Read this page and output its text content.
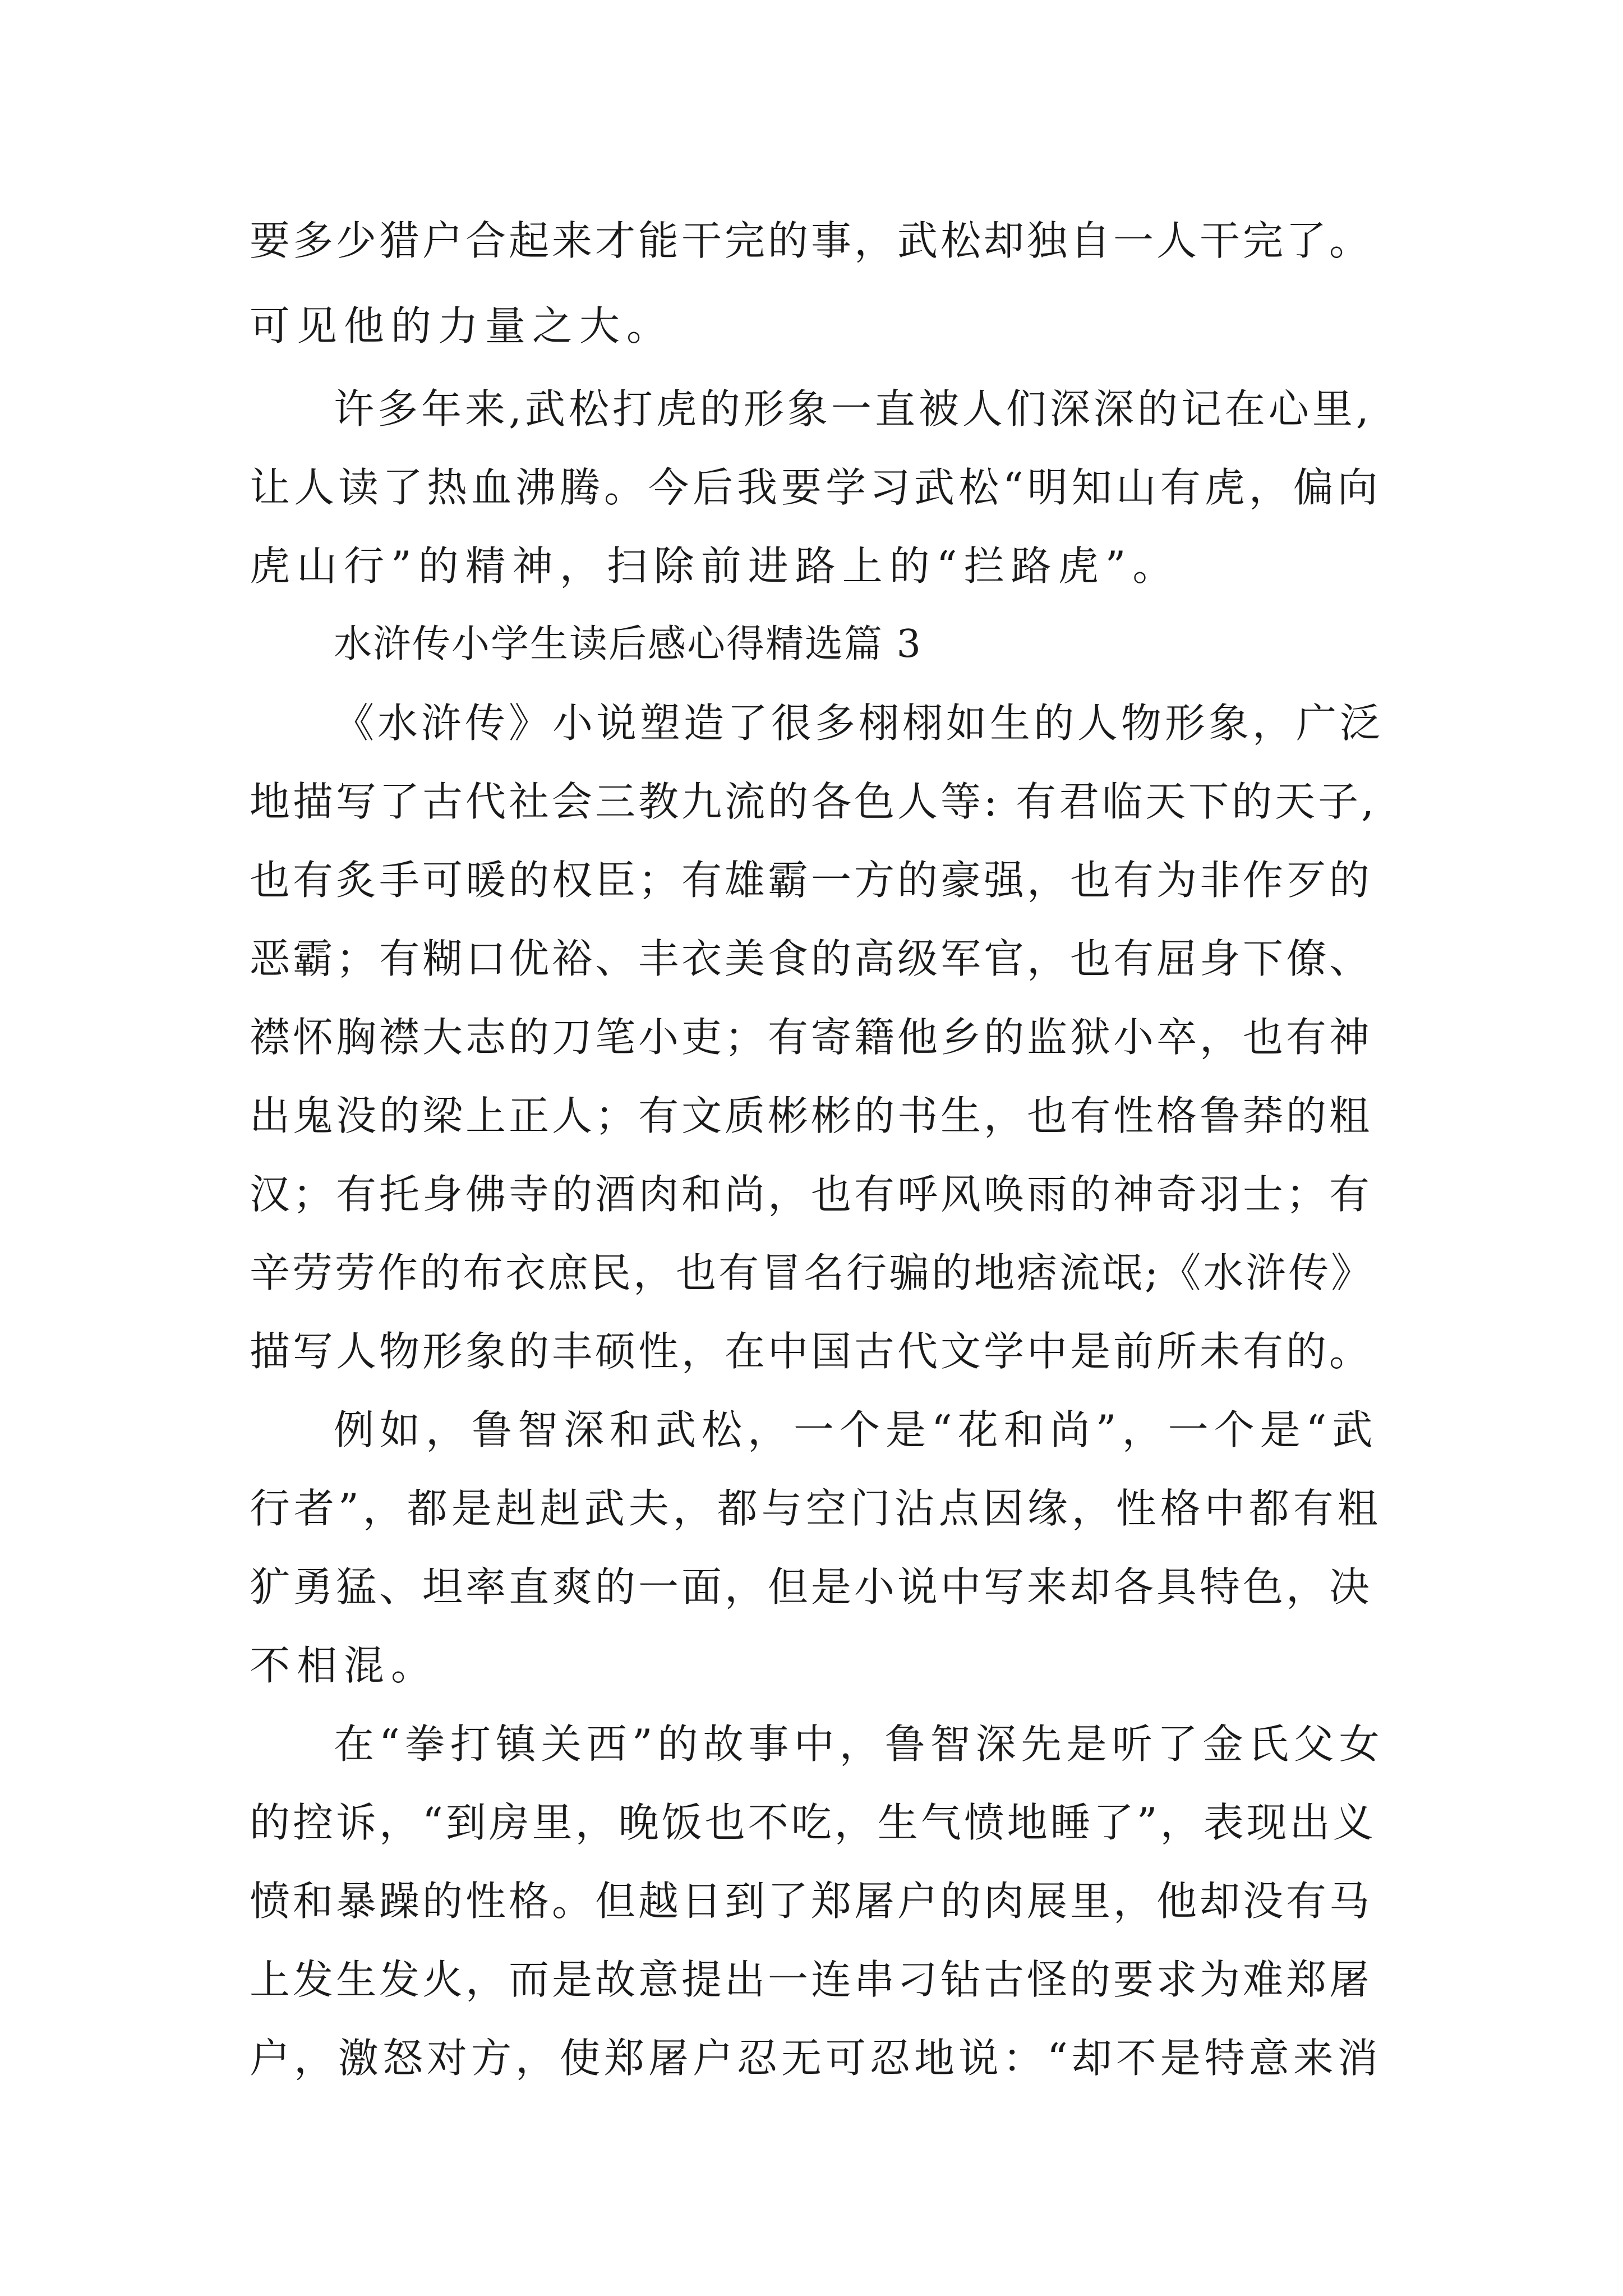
要多少猎户合起来才能干完的事，武松却独自一人干完了。
可见他的力量之大。
许多年来,武松打虎的形象一直被人们深深的记在心里,
让人读了热血沸腾。今后我要学习武松“明知山有虎，偏向
虎山行”的精神，扫除前进路上的“拦路虎”。
水浒传小学生读后感心得精选篇 3
《水浒传》小说塑造了很多栩栩如生的人物形象，广泛
地描写了古代社会三教九流的各色人等: 有君临天下的天子,
也有炙手可暖的权臣；有雄霸一方的豪强，也有为非作歹的
恶霸；有糊口优裕、丰衣美食的高级军官，也有屈身下僚、
襟怀胸襟大志的刀笔小吏；有寄籍他乡的监狱小卒，也有神
出鬼没的梁上正人；有文质彬彬的书生，也有性格鲁莽的粗
汉；有托身佛寺的酒肉和尚，也有呼风唤雨的神奇羽士；有
辛劳劳作的布衣庶民，也有冒名行骗的地痞流氓;《水浒传》
描写人物形象的丰硕性，在中国古代文学中是前所未有的。
例如，鲁智深和武松，一个是“花和尚”，一个是“武
行者”，都是赳赳武夫，都与空门沾点因缘，性格中都有粗
犷勇猛、坦率直爽的一面，但是小说中写来却各具特色，决
不相混。
在“拳打镇关西”的故事中，鲁智深先是听了金氏父女
的控诉，“到房里，晚饭也不吃，生气愤地睡了”，表现出义
愤和暴躁的性格。但越日到了郑屠户的肉展里，他却没有马
上发生发火，而是故意提出一连串刁钻古怪的要求为难郑屠
户，激怒对方，使郑屠户忍无可忍地说：“却不是特意来消
